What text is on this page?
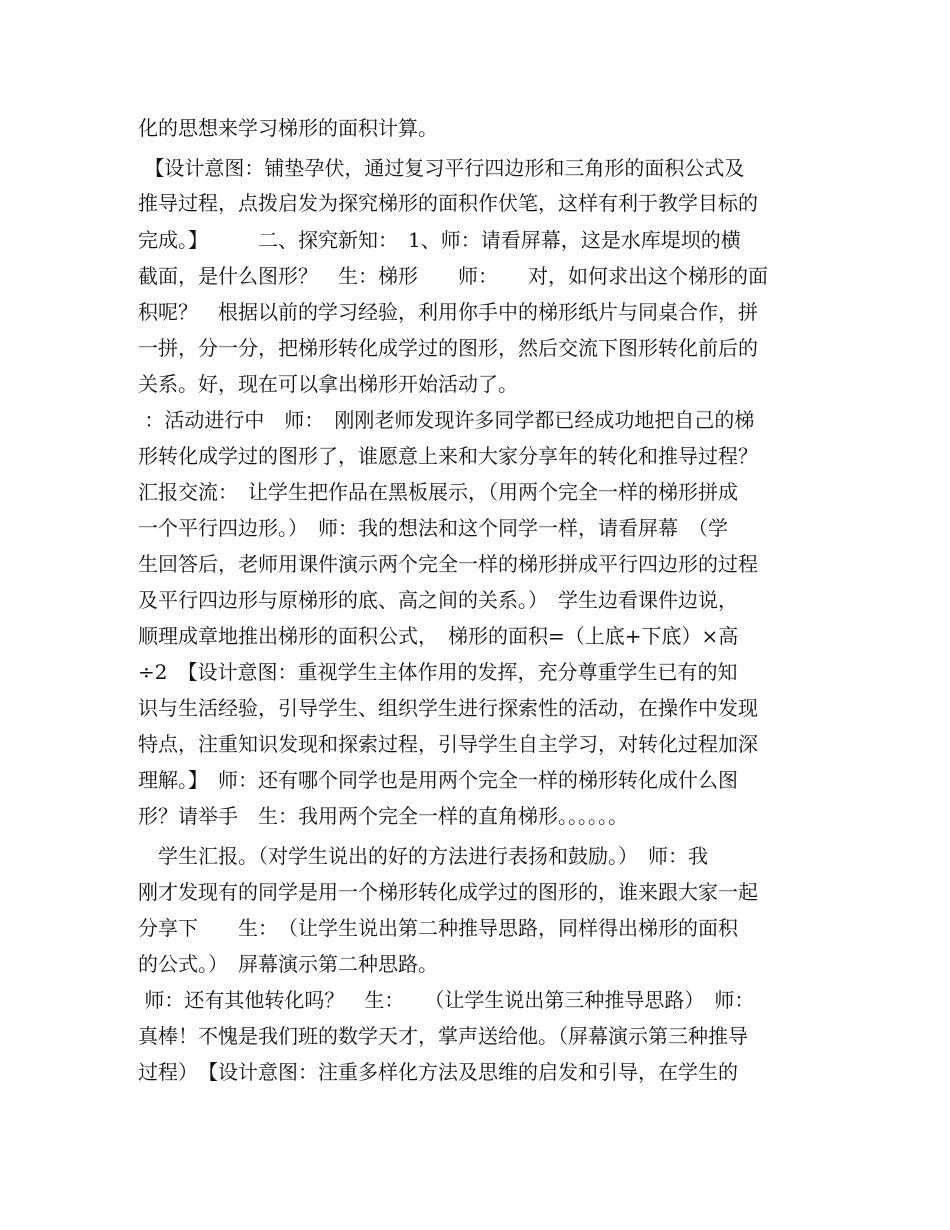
化的思想来学习梯形的面积计算。
【设计意图：铺垫孕伏，通过复习平行四边形和三角形的面积公式及
推导过程，点拨启发为探究梯形的面积作伏笔，这样有利于教学目标的
完成。】　　　二、探究新知：　1、师：请看屏幕，这是水库堤坝的横
截面，是什么图形？　生：梯形　　师：　　对，如何求出这个梯形的面
积呢？　根据以前的学习经验，利用你手中的梯形纸片与同桌合作，拼
一拼，分一分，把梯形转化成学过的图形，然后交流下图形转化前后的
关系。好，现在可以拿出梯形开始活动了。
：活动进行中　师：　刚刚老师发现许多同学都已经成功地把自己的梯
形转化成学过的图形了，谁愿意上来和大家分享年的转化和推导过程？
汇报交流：　让学生把作品在黑板展示，（用两个完全一样的梯形拼成
一个平行四边形。）　师：我的想法和这个同学一样，请看屏幕　（学
生回答后，老师用课件演示两个完全一样的梯形拼成平行四边形的过程
及平行四边形与原梯形的底、高之间的关系。）　学生边看课件边说，
顺理成章地推出梯形的面积公式，　梯形的面积=（上底+下底）×高
÷2　【设计意图：重视学生主体作用的发挥，充分尊重学生已有的知
识与生活经验，引导学生、组织学生进行探索性的活动，在操作中发现
特点，注重知识发现和探索过程，引导学生自主学习，对转化过程加深
理解。】　师：还有哪个同学也是用两个完全一样的梯形转化成什么图
形？请举手　生：我用两个完全一样的直角梯形。。。。。。
　学生汇报。（对学生说出的好的方法进行表扬和鼓励。）　师：我
刚才发现有的同学是用一个梯形转化成学过的图形的，谁来跟大家一起
分享下　　生：　（让学生说出第二种推导思路，同样得出梯形的面积
的公式。）　屏幕演示第二种思路。
师：还有其他转化吗？　生：　　（让学生说出第三种推导思路）　师：
真棒！不愧是我们班的数学天才，掌声送给他。（屏幕演示第三种推导
过程）　【设计意图：注重多样化方法及思维的启发和引导，在学生的
